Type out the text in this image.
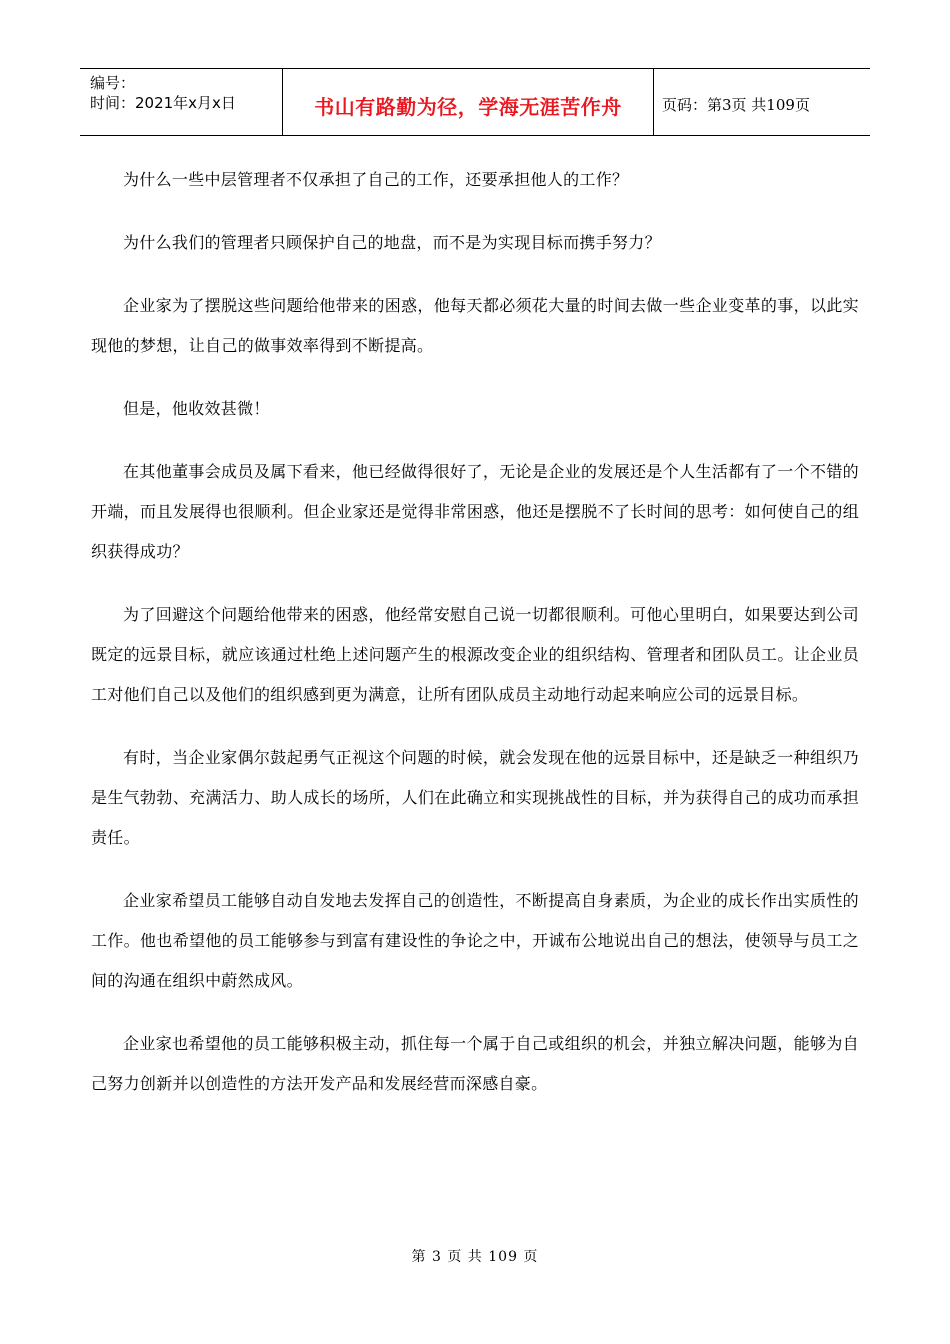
编号：
时间：2021年x月x日	书山有路勤为径，学海无涯苦作舟	页码：第3页 共109页

为什么一些中层管理者不仅承担了自己的工作，还要承担他人的工作？

为什么我们的管理者只顾保护自己的地盘，而不是为实现目标而携手努力？

企业家为了摆脱这些问题给他带来的困惑，他每天都必须花大量的时间去做一些企业变革的事，以此实现他的梦想，让自己的做事效率得到不断提高。

但是，他收效甚微！

在其他董事会成员及属下看来，他已经做得很好了，无论是企业的发展还是个人生活都有了一个不错的开端，而且发展得也很顺利。但企业家还是觉得非常困惑，他还是摆脱不了长时间的思考：如何使自己的组织获得成功？

为了回避这个问题给他带来的困惑，他经常安慰自己说一切都很顺利。可他心里明白，如果要达到公司既定的远景目标，就应该通过杜绝上述问题产生的根源改变企业的组织结构、管理者和团队员工。让企业员工对他们自己以及他们的组织感到更为满意，让所有团队成员主动地行动起来响应公司的远景目标。

有时，当企业家偶尔鼓起勇气正视这个问题的时候，就会发现在他的远景目标中，还是缺乏一种组织乃是生气勃勃、充满活力、助人成长的场所，人们在此确立和实现挑战性的目标，并为获得自己的成功而承担责任。

企业家希望员工能够自动自发地去发挥自己的创造性，不断提高自身素质，为企业的成长作出实质性的工作。他也希望他的员工能够参与到富有建设性的争论之中，开诚布公地说出自己的想法，使领导与员工之间的沟通在组织中蔚然成风。

企业家也希望他的员工能够积极主动，抓住每一个属于自己或组织的机会，并独立解决问题，能够为自己努力创新并以创造性的方法开发产品和发展经营而深感自豪。

第 3 页 共 109 页
